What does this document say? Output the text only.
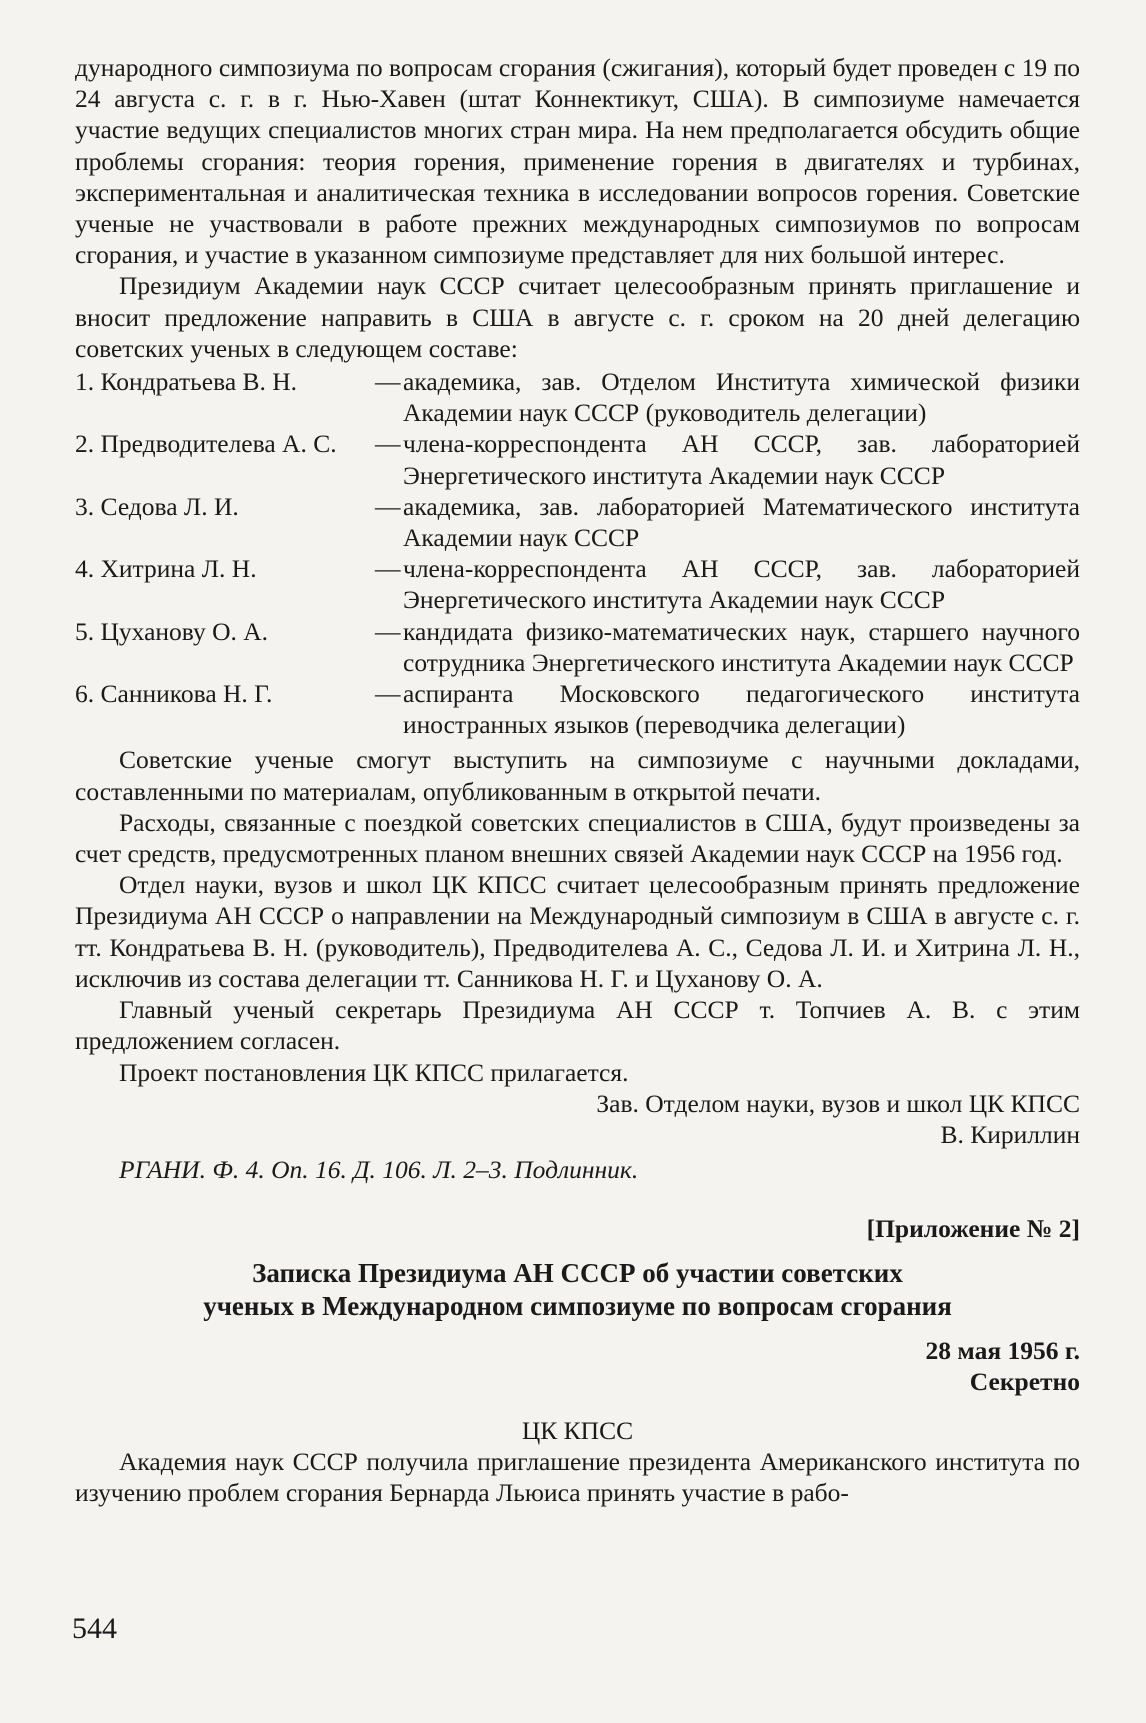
дународного симпозиума по вопросам сгорания (сжигания), который будет проведен с 19 по 24 августа с. г. в г. Нью-Хавен (штат Коннектикут, США). В симпозиуме намечается участие ведущих специалистов многих стран мира. На нем предполагается обсудить общие проблемы сгорания: теория горения, применение горения в двигателях и турбинах, экспериментальная и аналитическая техника в исследовании вопросов горения. Советские ученые не участвовали в работе прежних международных симпозиумов по вопросам сгорания, и участие в указанном симпозиуме представляет для них большой интерес.

Президиум Академии наук СССР считает целесообразным принять приглашение и вносит предложение направить в США в августе с. г. сроком на 20 дней делегацию советских ученых в следующем составе:

1. Кондратьева В. Н.	—	академика, зав. Отделом Института химической физики Академии наук СССР (руководитель делегации)
2. Предводителева А. С.	—	члена-корреспондента АН СССР, зав. лабораторией Энергетического института Академии наук СССР
3. Седова Л. И.	—	академика, зав. лабораторией Математического института Академии наук СССР
4. Хитрина Л. Н.	—	члена-корреспондента АН СССР, зав. лабораторией Энергетического института Академии наук СССР
5. Цуханову О. А.	—	кандидата физико-математических наук, старшего научного сотрудника Энергетического института Академии наук СССР
6. Санникова Н. Г.	—	аспиранта Московского педагогического института иностранных языков (переводчика делегации)

Советские ученые смогут выступить на симпозиуме с научными докладами, составленными по материалам, опубликованным в открытой печати.

Расходы, связанные с поездкой советских специалистов в США, будут произведены за счет средств, предусмотренных планом внешних связей Академии наук СССР на 1956 год.

Отдел науки, вузов и школ ЦК КПСС считает целесообразным принять предложение Президиума АН СССР о направлении на Международный симпозиум в США в августе с. г. тт. Кондратьева В. Н. (руководитель), Предводителева А. С., Седова Л. И. и Хитрина Л. Н., исключив из состава делегации тт. Санникова Н. Г. и Цуханову О. А.

Главный ученый секретарь Президиума АН СССР т. Топчиев А. В. с этим предложением согласен.

Проект постановления ЦК КПСС прилагается.

Зав. Отделом науки, вузов и школ ЦК КПСС
В. Кириллин
РГАНИ. Ф. 4. Оп. 16. Д. 106. Л. 2–3. Подлинник.
[Приложение № 2]
Записка Президиума АН СССР об участии советских
ученых в Международном симпозиуме по вопросам сгорания
28 мая 1956 г.
Секретно
ЦК КПСС

Академия наук СССР получила приглашение президента Американского института по изучению проблем сгорания Бернарда Льюиса принять участие в рабо-

544
